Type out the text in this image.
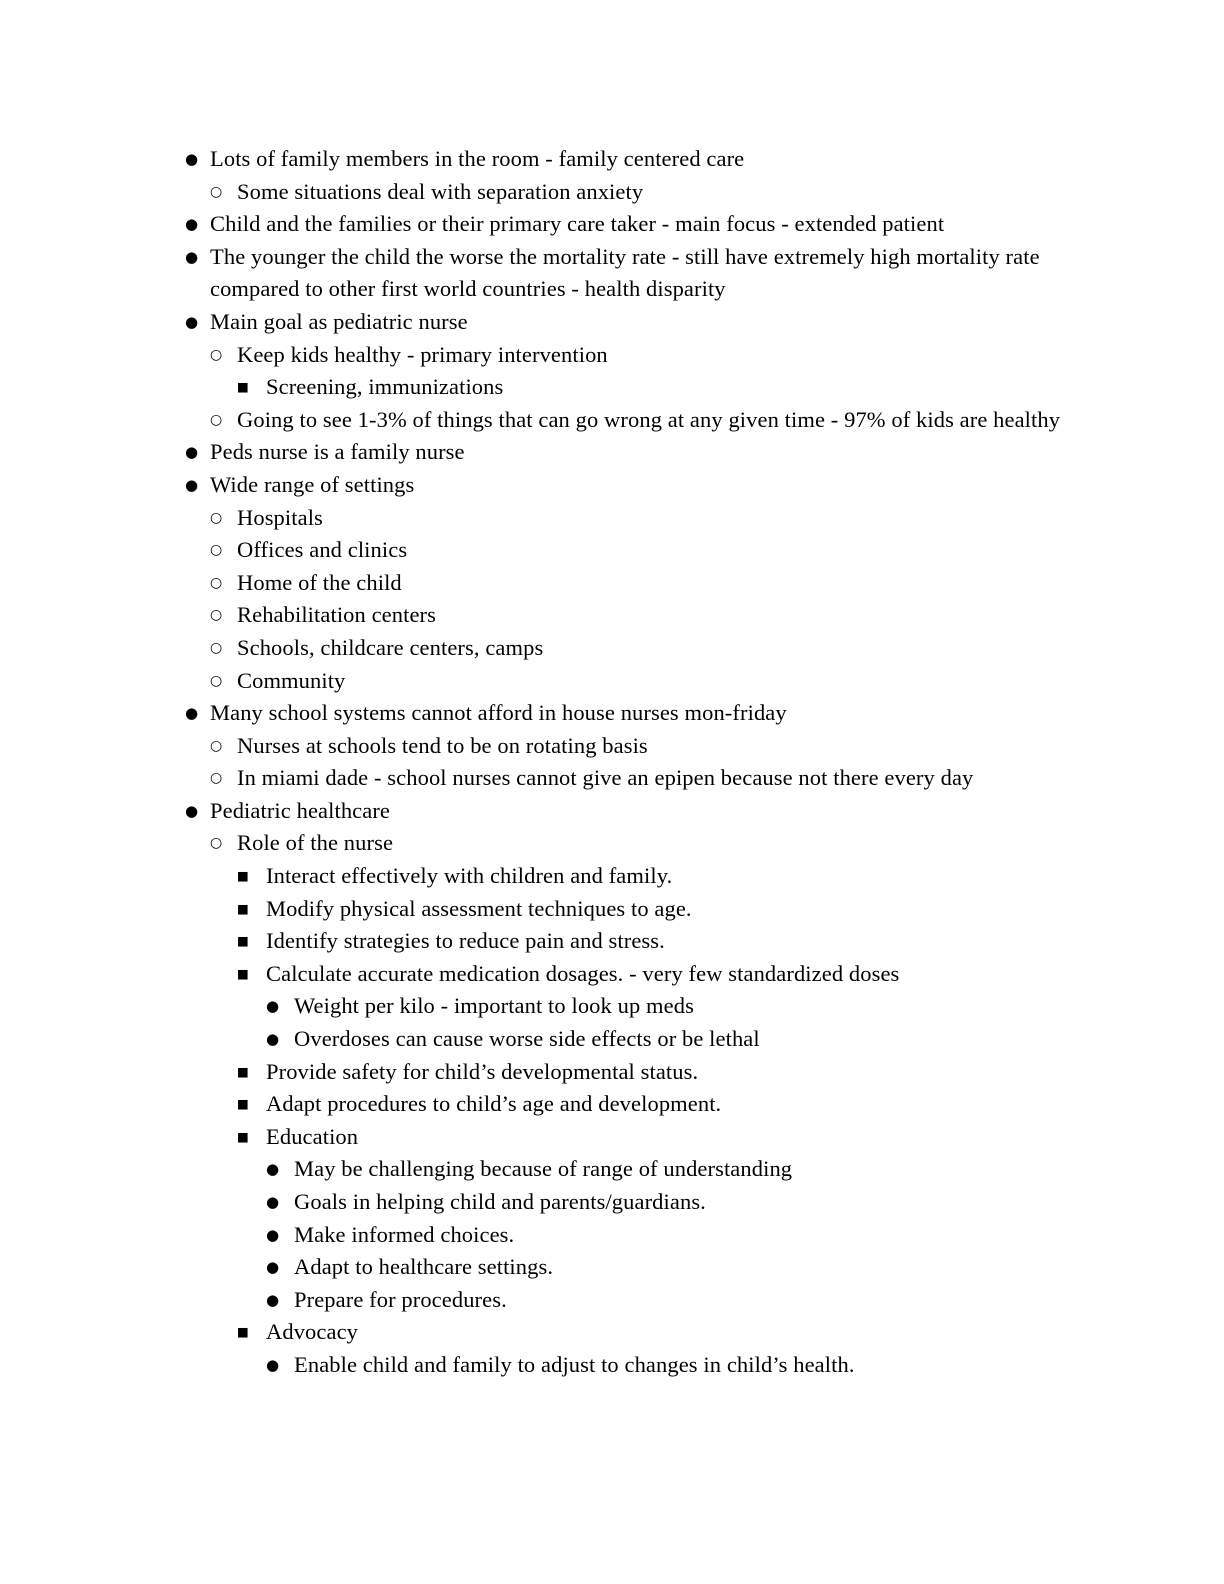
● Lots of family members in the room - family centered care
○ Some situations deal with separation anxiety
● Child and the families or their primary care taker - main focus - extended patient
● The younger the child the worse the mortality rate - still have extremely high mortality rate compared to other first world countries - health disparity
● Main goal as pediatric nurse
○ Keep kids healthy - primary intervention
■ Screening, immunizations
○ Going to see 1-3% of things that can go wrong at any given time - 97% of kids are healthy
● Peds nurse is a family nurse
● Wide range of settings
○ Hospitals
○ Offices and clinics
○ Home of the child
○ Rehabilitation centers
○ Schools, childcare centers, camps
○ Community
● Many school systems cannot afford in house nurses mon-friday
○ Nurses at schools tend to be on rotating basis
○ In miami dade - school nurses cannot give an epipen because not there every day
● Pediatric healthcare
○ Role of the nurse
■ Interact effectively with children and family.
■ Modify physical assessment techniques to age.
■ Identify strategies to reduce pain and stress.
■ Calculate accurate medication dosages. - very few standardized doses
● Weight per kilo - important to look up meds
● Overdoses can cause worse side effects or be lethal
■ Provide safety for child’s developmental status.
■ Adapt procedures to child’s age and development.
■ Education
● May be challenging because of range of understanding
● Goals in helping child and parents/guardians.
● Make informed choices.
● Adapt to healthcare settings.
● Prepare for procedures.
■ Advocacy
● Enable child and family to adjust to changes in child’s health.
